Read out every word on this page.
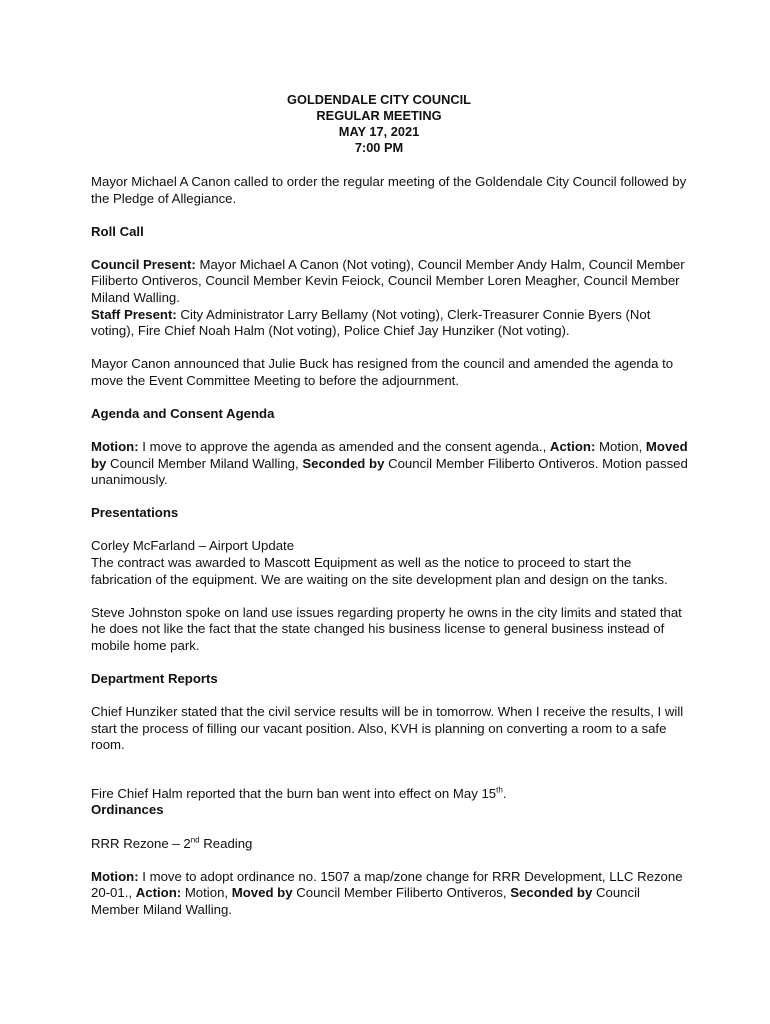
GOLDENDALE CITY COUNCIL
REGULAR MEETING
MAY 17, 2021
7:00 PM

Mayor Michael A Canon called to order the regular meeting of the Goldendale City Council followed by the Pledge of Allegiance.

Roll Call

Council Present: Mayor Michael A Canon (Not voting), Council Member Andy Halm, Council Member Filiberto Ontiveros, Council Member Kevin Feiock, Council Member Loren Meagher, Council Member Miland Walling.

Staff Present: City Administrator Larry Bellamy (Not voting), Clerk-Treasurer Connie Byers (Not voting), Fire Chief Noah Halm (Not voting), Police Chief Jay Hunziker (Not voting).

Mayor Canon announced that Julie Buck has resigned from the council and amended the agenda to move the Event Committee Meeting to before the adjournment.

Agenda and Consent Agenda

Motion: I move to approve the agenda as amended and the consent agenda., Action: Motion, Moved by Council Member Miland Walling, Seconded by Council Member Filiberto Ontiveros. Motion passed unanimously.

Presentations

Corley McFarland – Airport Update

The contract was awarded to Mascott Equipment as well as the notice to proceed to start the fabrication of the equipment. We are waiting on the site development plan and design on the tanks.

Steve Johnston spoke on land use issues regarding property he owns in the city limits and stated that he does not like the fact that the state changed his business license to general business instead of mobile home park.

Department Reports

Chief Hunziker stated that the civil service results will be in tomorrow. When I receive the results, I will start the process of filling our vacant position. Also, KVH is planning on converting a room to a safe room.

Fire Chief Halm reported that the burn ban went into effect on May 15th.

Ordinances

RRR Rezone – 2nd Reading

Motion: I move to adopt ordinance no. 1507 a map/zone change for RRR Development, LLC Rezone 20-01., Action: Motion, Moved by Council Member Filiberto Ontiveros, Seconded by Council Member Miland Walling.
